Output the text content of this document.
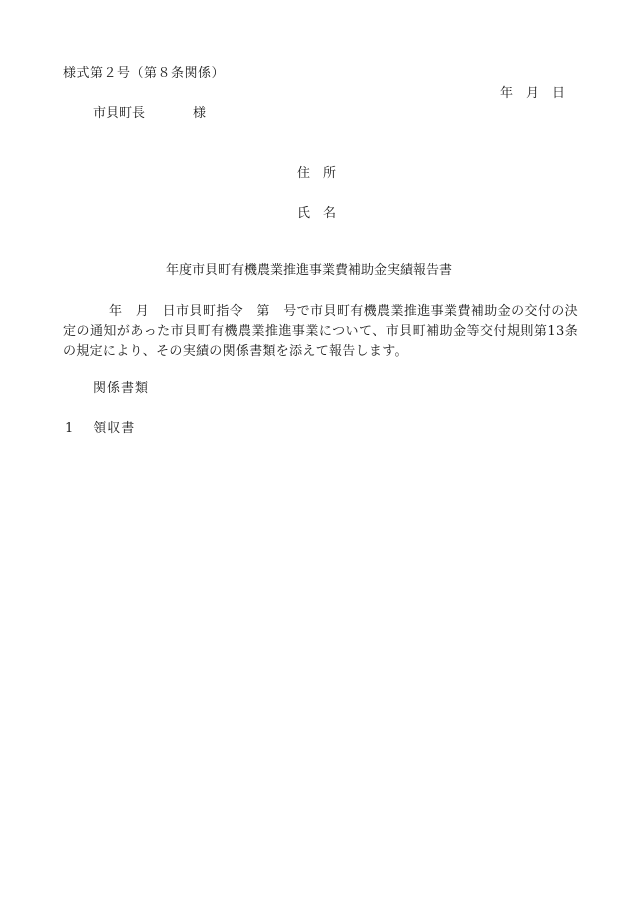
様式第２号（第８条関係）
年　月　日
市貝町長	様
住　所
氏　名
年度市貝町有機農業推進事業費補助金実績報告書
年　月　日市貝町指令　第　号で市貝町有機農業推進事業費補助金の交付の決定の通知があった市貝町有機農業推進事業について、市貝町補助金等交付規則第13条の規定により、その実績の関係書類を添えて報告します。
関係書類
1 領収書
